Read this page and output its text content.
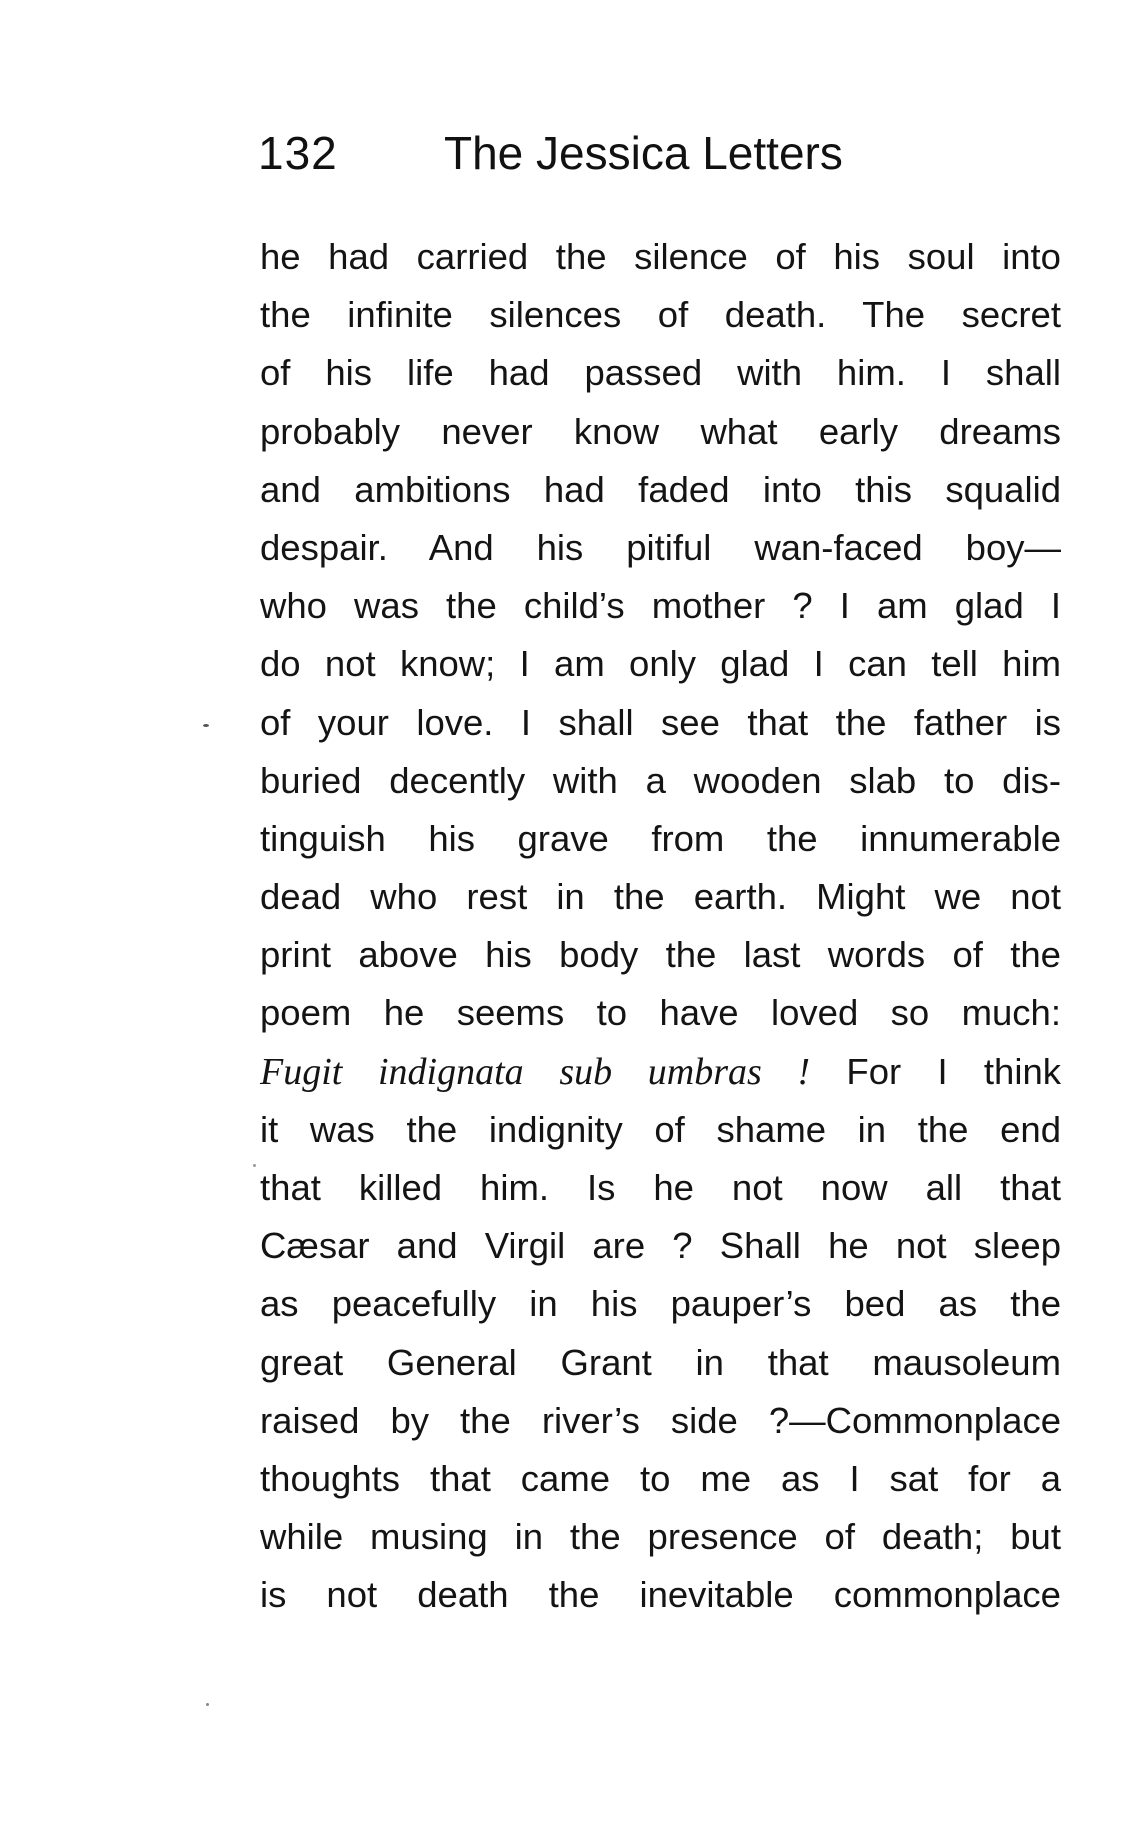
132 The Jessica Letters
he had carried the silence of his soul into
the infinite silences of death. The secret
of his life had passed with him. I shall
probably never know what early dreams
and ambitions had faded into this squalid
despair. And his pitiful wan-faced boy—
who was the child’s mother ? I am glad I
do not know; I am only glad I can tell him
of your love. I shall see that the father is
buried decently with a wooden slab to dis-
tinguish his grave from the innumerable
dead who rest in the earth. Might we not
print above his body the last words of the
poem he seems to have loved so much:
Fugit indignata sub umbras ! For I think
it was the indignity of shame in the end
that killed him. Is he not now all that
Cæsar and Virgil are ? Shall he not sleep
as peacefully in his pauper’s bed as the
great General Grant in that mausoleum
raised by the river’s side ?—Commonplace
thoughts that came to me as I sat for a
while musing in the presence of death; but
is not death the inevitable commonplace
